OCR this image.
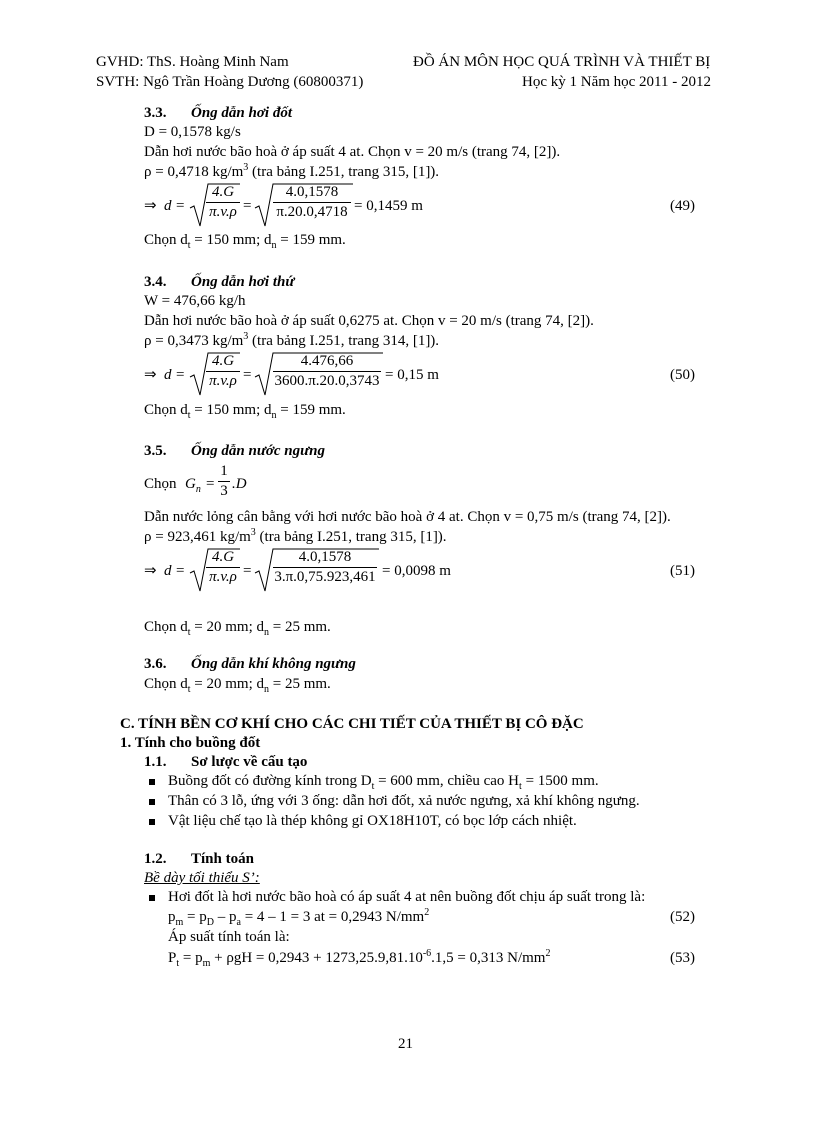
GVHD: ThS. Hoàng Minh Nam	ĐỒ ÁN MÔN HỌC QUÁ TRÌNH VÀ THIẾT BỊ
SVTH: Ngô Trần Hoàng Dương (60800371)	Học kỳ 1 Năm học 2011 - 2012
3.3. Ống dẫn hơi đốt
D = 0,1578 kg/s
Dẫn hơi nước bão hoà ở áp suất 4 at. Chọn v = 20 m/s (trang 74, [2]).
ρ = 0,4718 $kg/m^3$ (tra bảng I.251, trang 315, [1]).
⇒ $d = \frac{4.G}{\pi.v.\rho} = \frac{4.0,1578}{\pi.20.0,4718} = 0,1459$ m	(49)
Chọn $d_t = 150$ mm; $d_n = 159$ mm.
3.4. Ống dẫn hơi thứ
W = 476,66 kg/h
Dẫn hơi nước bão hoà ở áp suất 0,6275 at. Chọn v = 20 m/s (trang 74, [2]).
ρ = 0,3473 $kg/m^3$ (tra bảng I.251, trang 314, [1]).
⇒ $d = \frac{4.G}{\pi.v.\rho} = \frac{4.476,66}{3600.\pi.20.0,3743} = 0,15$ m	(50)
Chọn $d_t = 150$ mm; $d_n = 159$ mm.
3.5. Ống dẫn nước ngưng
Chọn $G_n = \frac{1}{3} .D$
Dẫn nước lỏng cân bằng với hơi nước bão hoà ở 4 at. Chọn v = 0,75 m/s (trang 74, [2]).
ρ = 923,461 $kg/m^3$ (tra bảng I.251, trang 315, [1]).
⇒ $d = \frac{4.G}{\pi.v.\rho} = \frac{4.0,1578}{3.\pi.0,75.923,461} = 0,0098$ m	(51)
Chọn $d_t = 20$ mm; $d_n = 25$ mm.
3.6. Ống dẫn khí không ngưng
Chọn $d_t = 20$ mm; $d_n = 25$ mm.
C. TÍNH BỀN CƠ KHÍ CHO CÁC CHI TIẾT CỦA THIẾT BỊ CÔ ĐẶC
1. Tính cho buồng đốt
1.1. Sơ lược về cấu tạo
Buồng đốt có đường kính trong $D_t = 600$ mm, chiều cao $H_t = 1500$ mm.
Thân có 3 lỗ, ứng với 3 ống: dẫn hơi đốt, xả nước ngưng, xả khí không ngưng.
Vật liệu chế tạo là thép không gỉ OX18H10T, có bọc lớp cách nhiệt.
1.2. Tính toán
Bề dày tối thiểu S’:
Hơi đốt là hơi nước bão hoà có áp suất 4 at nên buồng đốt chịu áp suất trong là:
$p_m = p_D - p_a = 4 - 1 = 3$ at = 0,2943 $N/mm^2$	(52)
Áp suất tính toán là:
$P_t = p_m + \rho gH = 0,2943 + 1273,25.9,81.10^{-6}.1,5 = 0,313$ $N/mm^2$	(53)
21
